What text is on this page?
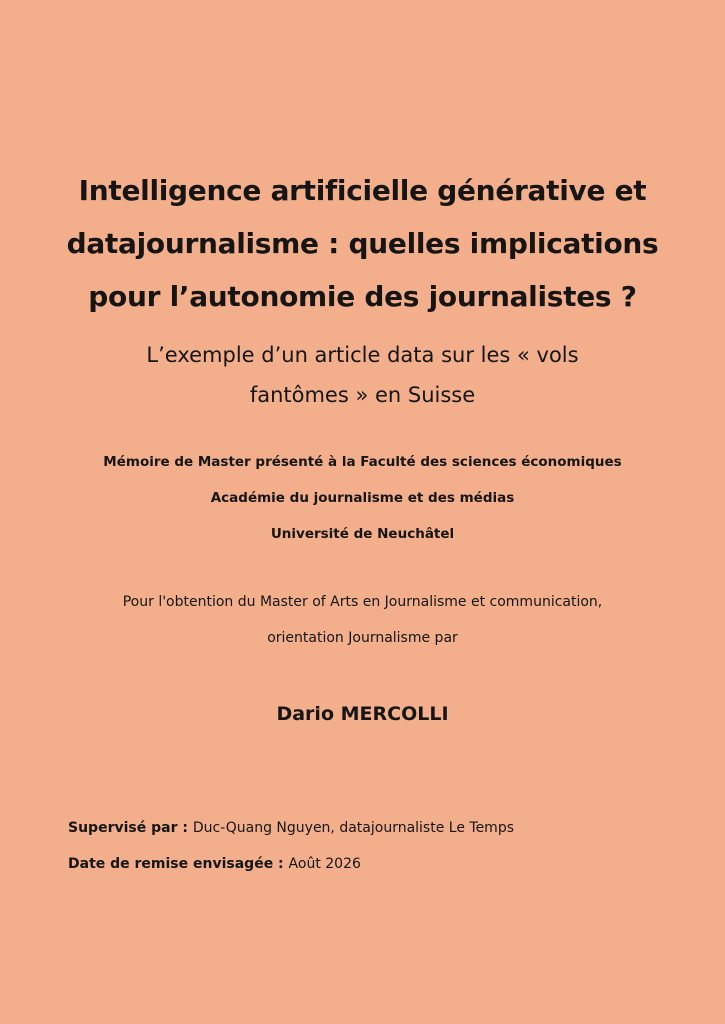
Intelligence artificielle générative et
datajournalisme : quelles implications
pour l’autonomie des journalistes ?
L’exemple d’un article data sur les « vols
fantômes » en Suisse
Mémoire de Master présenté à la Faculté des sciences économiques
Académie du journalisme et des médias
Université de Neuchâtel
Pour l'obtention du Master of Arts en Journalisme et communication,
orientation Journalisme par
Dario MERCOLLI
Supervisé par : Duc-Quang Nguyen, datajournaliste Le Temps
Date de remise envisagée : Août 2026
